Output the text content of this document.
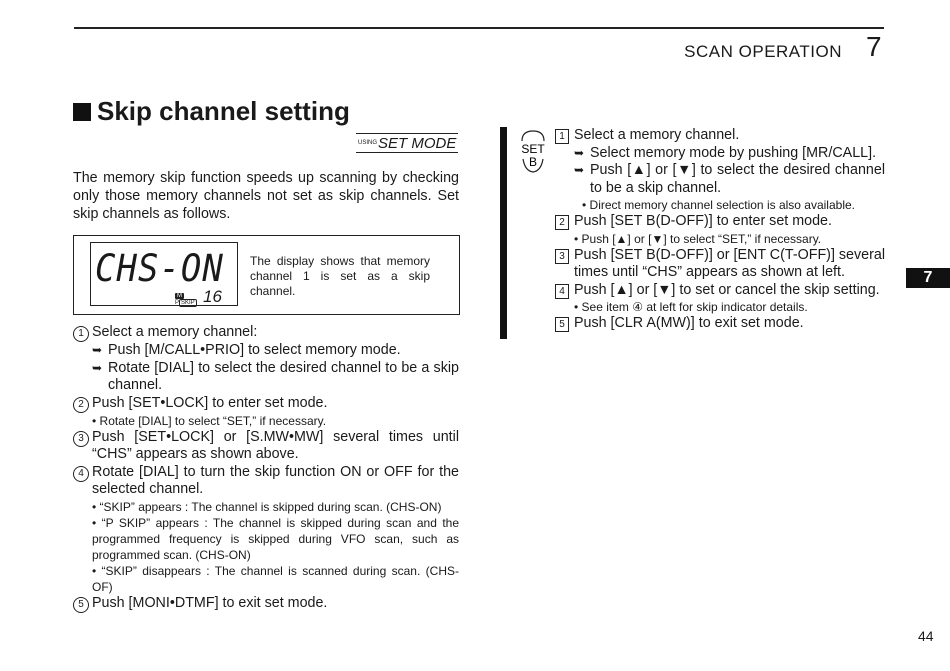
SCAN OPERATION 7
Skip channel setting
USING SET MODE
The memory skip function speeds up scanning by checking only those memory channels not set as skip channels. Set skip channels as follows.
CHS-ON
M
P SKIP 16
The display shows that memory channel 1 is set as a skip channel.
1 Select a memory channel:
➥ Push [M/CALL•PRIO] to select memory mode.
➥ Rotate [DIAL] to select the desired channel to be a skip channel.
2 Push [SET•LOCK] to enter set mode.
• Rotate [DIAL] to select “SET,” if necessary.
3 Push [SET•LOCK] or [S.MW•MW] several times until “CHS” appears as shown above.
4 Rotate [DIAL] to turn the skip function ON or OFF for the selected channel.
• “SKIP” appears : The channel is skipped during scan. (CHS-ON)
• “P SKIP” appears : The channel is skipped during scan and the programmed frequency is skipped during VFO scan, such as programmed scan. (CHS-ON)
• “SKIP” disappears : The channel is scanned during scan. (CHS-OF)
5 Push [MONI•DTMF] to exit set mode.
SET
B
1 Select a memory channel.
➥ Select memory mode by pushing [MR/CALL].
➥ Push [▲] or [▼] to select the desired channel to be a skip channel.
• Direct memory channel selection is also available.
2 Push [SET B(D-OFF)] to enter set mode.
• Push [▲] or [▼] to select “SET,” if necessary.
3 Push [SET B(D-OFF)] or [ENT C(T-OFF)] several times until “CHS” appears as shown at left.
4 Push [▲] or [▼] to set or cancel the skip setting.
• See item ④ at left for skip indicator details.
5 Push [CLR A(MW)] to exit set mode.
7
44
